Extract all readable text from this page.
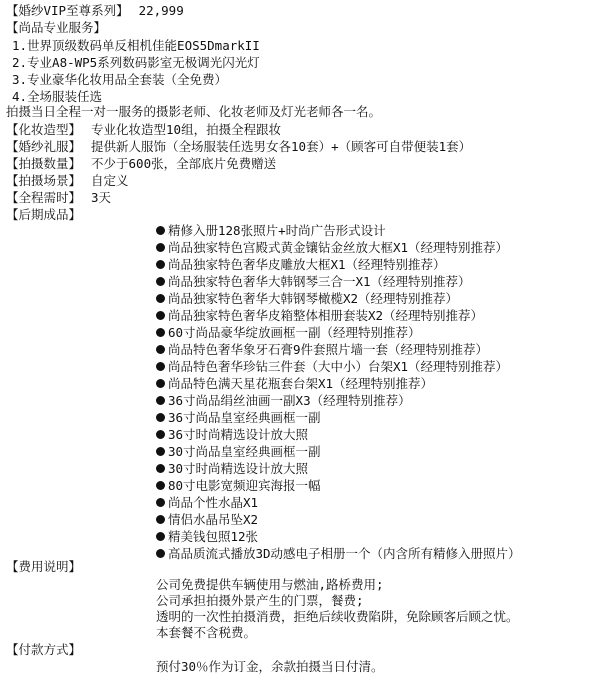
【婚纱VIP至尊系列】 22,999
【尚品专业服务】
1.世界顶级数码单反相机佳能EOS5DmarkII
2.专业A8-WP5系列数码影室无极调光闪光灯
3.专业豪华化妆用品全套装（全免费）
4.全场服装任选
拍摄当日全程一对一服务的摄影老师、化妆老师及灯光老师各一名。
【化妆造型】 专业化妆造型10组，拍摄全程跟妆
【婚纱礼服】 提供新人服饰（全场服装任选男女各10套）+（顾客可自带便装1套）
【拍摄数量】 不少于600张，全部底片免费赠送
【拍摄场景】 自定义
【全程需时】 3天
【后期成品】
精修入册128张照片+时尚广告形式设计
尚品独家特色宫殿式黄金镶钻金丝放大框X1（经理特别推荐）
尚品独家特色奢华皮雕放大框X1（经理特别推荐）
尚品独家特色奢华大韩钢琴三合一X1（经理特别推荐）
尚品独家特色奢华大韩钢琴橄榄X2（经理特别推荐）
尚品独家特色奢华皮箱整体相册套装X2（经理特别推荐）
60寸尚品豪华绽放画框一副（经理特别推荐）
尚品特色奢华象牙石膏9件套照片墙一套（经理特别推荐）
尚品特色奢华珍钻三件套（大中小）台架X1（经理特别推荐）
尚品特色满天星花瓶套台架X1（经理特别推荐）
36寸尚品绢丝油画一副X3（经理特别推荐）
36寸尚品皇室经典画框一副
36寸时尚精选设计放大照
30寸尚品皇室经典画框一副
30寸时尚精选设计放大照
80寸电影宽频迎宾海报一幅
尚品个性水晶X1
情侣水晶吊坠X2
精美钱包照12张
高品质流式播放3D动感电子相册一个（内含所有精修入册照片）
【费用说明】
公司免费提供车辆使用与燃油,路桥费用;
公司承担拍摄外景产生的门票，餐费;
透明的一次性拍摄消费，拒绝后续收费陷阱，免除顾客后顾之忧。
本套餐不含税费。
【付款方式】
预付30％作为订金，余款拍摄当日付清。
